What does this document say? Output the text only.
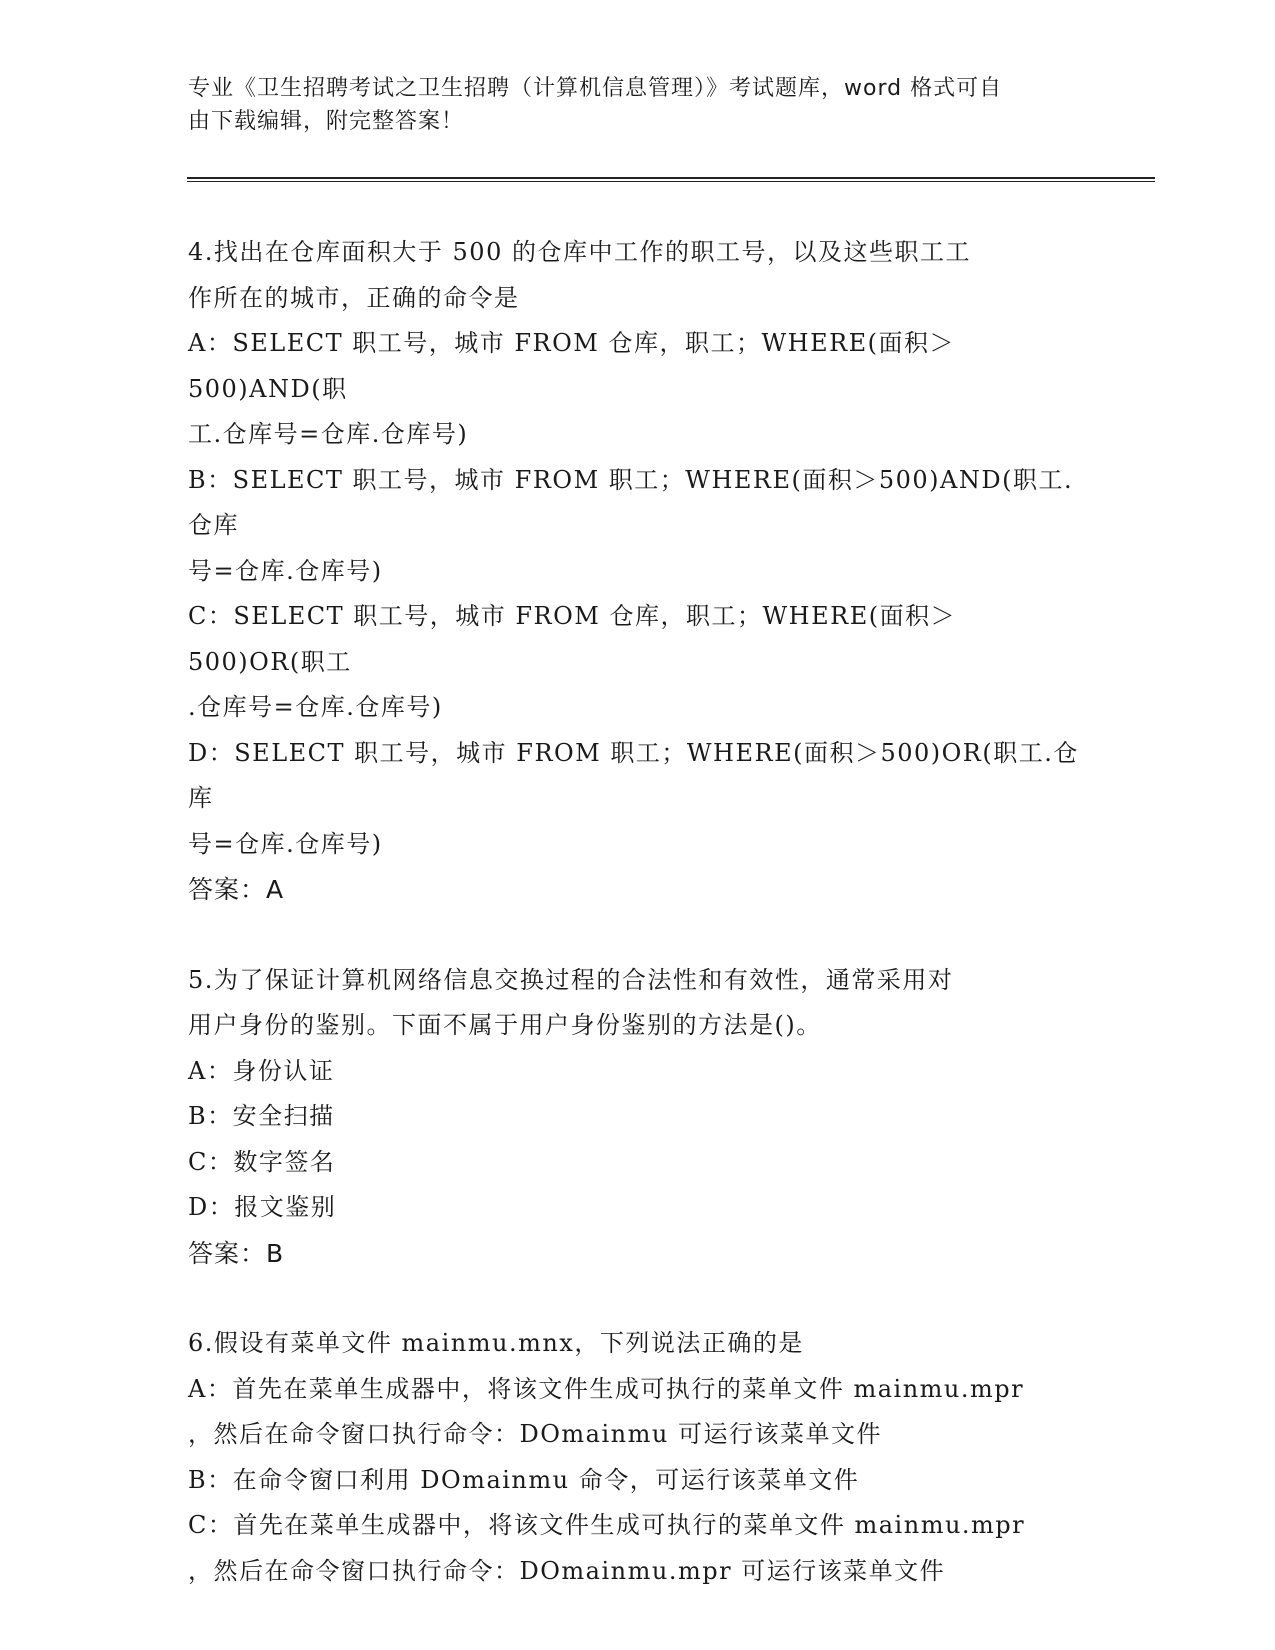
专业《卫生招聘考试之卫生招聘（计算机信息管理）》考试题库，word 格式可自
由下载编辑，附完整答案！
4.找出在仓库面积大于 500 的仓库中工作的职工号，以及这些职工工
作所在的城市，正确的命令是
A：SELECT 职工号，城市 FROM 仓库，职工；WHERE(面积＞500)AND(职
工.仓库号=仓库.仓库号)
B：SELECT 职工号，城市 FROM 职工；WHERE(面积＞500)AND(职工.仓库
号=仓库.仓库号)
C：SELECT 职工号，城市 FROM 仓库，职工；WHERE(面积＞500)OR(职工
.仓库号=仓库.仓库号)
D：SELECT 职工号，城市 FROM 职工；WHERE(面积＞500)OR(职工.仓库
号=仓库.仓库号)
答案：A
5.为了保证计算机网络信息交换过程的合法性和有效性，通常采用对
用户身份的鉴别。下面不属于用户身份鉴别的方法是()。
A：身份认证
B：安全扫描
C：数字签名
D：报文鉴别
答案：B
6.假设有菜单文件 mainmu.mnx，下列说法正确的是
A：首先在菜单生成器中，将该文件生成可执行的菜单文件 mainmu.mpr
，然后在命令窗口执行命令：DOmainmu 可运行该菜单文件
B：在命令窗口利用 DOmainmu 命令，可运行该菜单文件
C：首先在菜单生成器中，将该文件生成可执行的菜单文件 mainmu.mpr
，然后在命令窗口执行命令：DOmainmu.mpr 可运行该菜单文件
